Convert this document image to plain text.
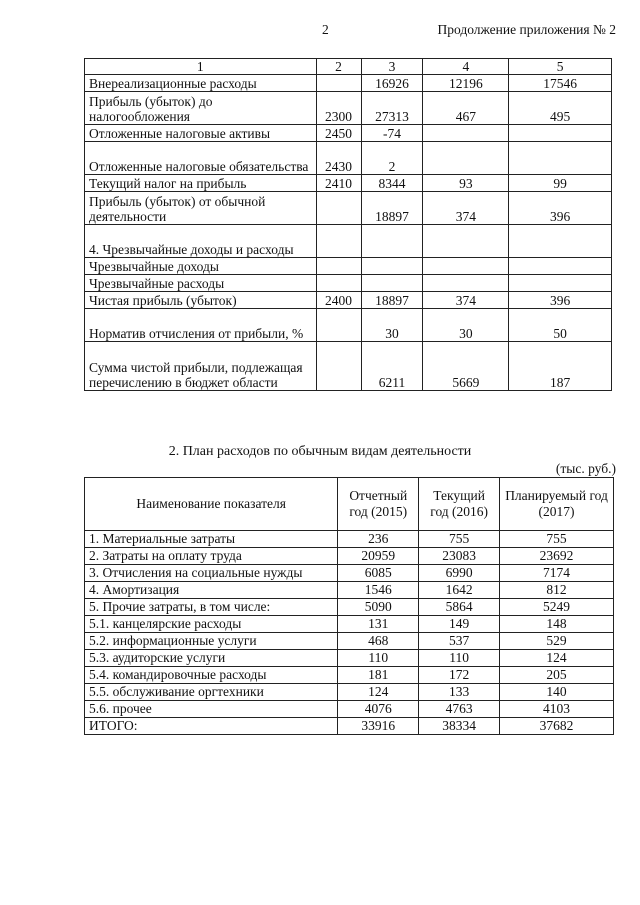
2	Продолжение приложения № 2
1	2	3	4	5
Внереализационные расходы		16926	12196	17546
Прибыль (убыток) до налогообложения	2300	27313	467	495
Отложенные налоговые активы	2450	-74		
Отложенные налоговые обязательства	2430	2		
Текущий налог на прибыль	2410	8344	93	99
Прибыль (убыток) от обычной деятельности		18897	374	396
4. Чрезвычайные доходы и расходы				
Чрезвычайные доходы				
Чрезвычайные расходы				
Чистая прибыль (убыток)	2400	18897	374	396
Норматив отчисления от прибыли, %		30	30	50
Сумма чистой прибыли, подлежащая перечислению в бюджет области		6211	5669	187
2. План расходов по обычным видам деятельности
(тыс. руб.)
Наименование показателя	Отчетный год (2015)	Текущий год (2016)	Планируемый год (2017)
1. Материальные затраты	236	755	755
2. Затраты на оплату труда	20959	23083	23692
3. Отчисления на социальные нужды	6085	6990	7174
4. Амортизация	1546	1642	812
5. Прочие затраты, в том числе:	5090	5864	5249
5.1. канцелярские расходы	131	149	148
5.2. информационные услуги	468	537	529
5.3. аудиторские услуги	110	110	124
5.4. командировочные расходы	181	172	205
5.5. обслуживание оргтехники	124	133	140
5.6. прочее	4076	4763	4103
ИТОГО:	33916	38334	37682
